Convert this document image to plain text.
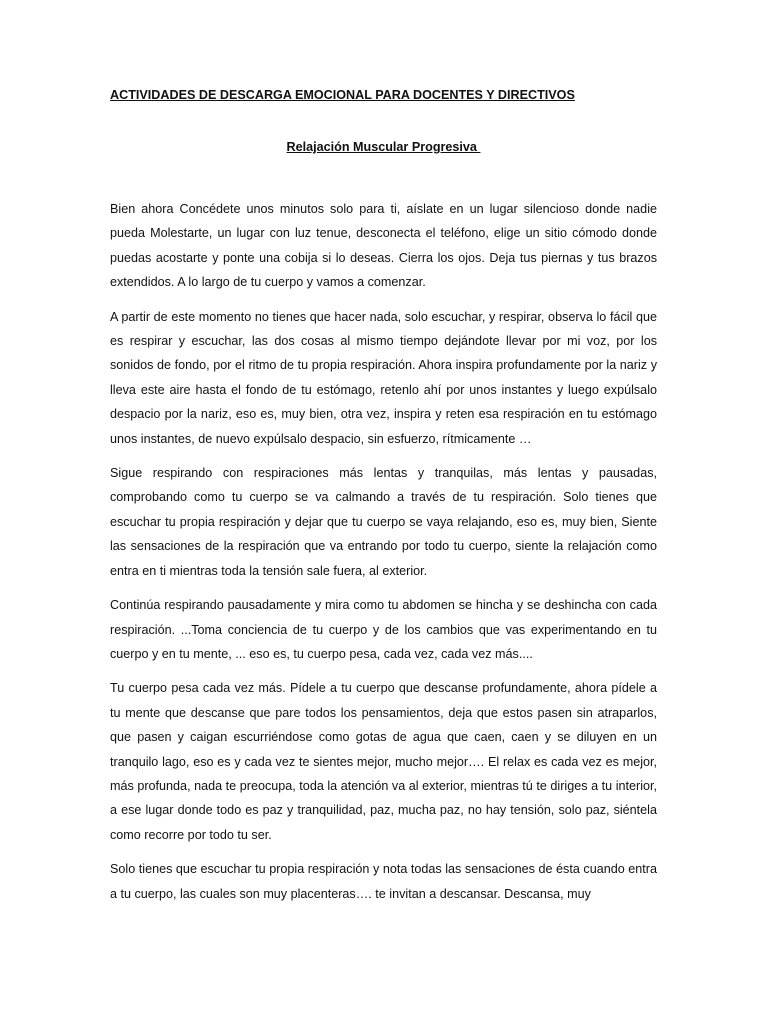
ACTIVIDADES DE DESCARGA EMOCIONAL PARA DOCENTES Y DIRECTIVOS

Relajación Muscular Progresiva

Bien ahora Concédete unos minutos solo para ti, aíslate en un lugar silencioso donde nadie pueda Molestarte, un lugar con luz tenue, desconecta el teléfono, elige un sitio cómodo donde puedas acostarte y ponte una cobija si lo deseas. Cierra los ojos. Deja tus piernas y tus brazos extendidos. A lo largo de tu cuerpo y vamos a comenzar.

A partir de este momento no tienes que hacer nada, solo escuchar, y respirar, observa lo fácil que es respirar y escuchar, las dos cosas al mismo tiempo dejándote llevar por mi voz, por los sonidos de fondo, por el ritmo de tu propia respiración. Ahora inspira profundamente por la nariz y lleva este aire hasta el fondo de tu estómago, retenlo ahí por unos instantes y luego expúlsalo despacio por la nariz, eso es, muy bien, otra vez, inspira y reten esa respiración en tu estómago unos instantes, de nuevo expúlsalo despacio, sin esfuerzo, rítmicamente …

Sigue respirando con respiraciones más lentas y tranquilas, más lentas y pausadas, comprobando como tu cuerpo se va calmando a través de tu respiración. Solo tienes que escuchar tu propia respiración y dejar que tu cuerpo se vaya relajando, eso es, muy bien, Siente las sensaciones de la respiración que va entrando por todo tu cuerpo, siente la relajación como entra en ti mientras toda la tensión sale fuera, al exterior.

Continúa respirando pausadamente y mira como tu abdomen se hincha y se deshincha con cada respiración. ...Toma conciencia de tu cuerpo y de los cambios que vas experimentando en tu cuerpo y en tu mente, ... eso es, tu cuerpo pesa, cada vez, cada vez más....

Tu cuerpo pesa cada vez más. Pídele a tu cuerpo que descanse profundamente, ahora pídele a tu mente que descanse que pare todos los pensamientos, deja que estos pasen sin atraparlos, que pasen y caigan escurriéndose como gotas de agua que caen, caen y se diluyen en un tranquilo lago, eso es y cada vez te sientes mejor, mucho mejor…. El relax es cada vez es mejor, más profunda, nada te preocupa, toda la atención va al exterior, mientras tú te diriges a tu interior, a ese lugar donde todo es paz y tranquilidad, paz, mucha paz, no hay tensión, solo paz, siéntela como recorre por todo tu ser.

Solo tienes que escuchar tu propia respiración y nota todas las sensaciones de ésta cuando entra a tu cuerpo, las cuales son muy placenteras…. te invitan a descansar. Descansa, muy
